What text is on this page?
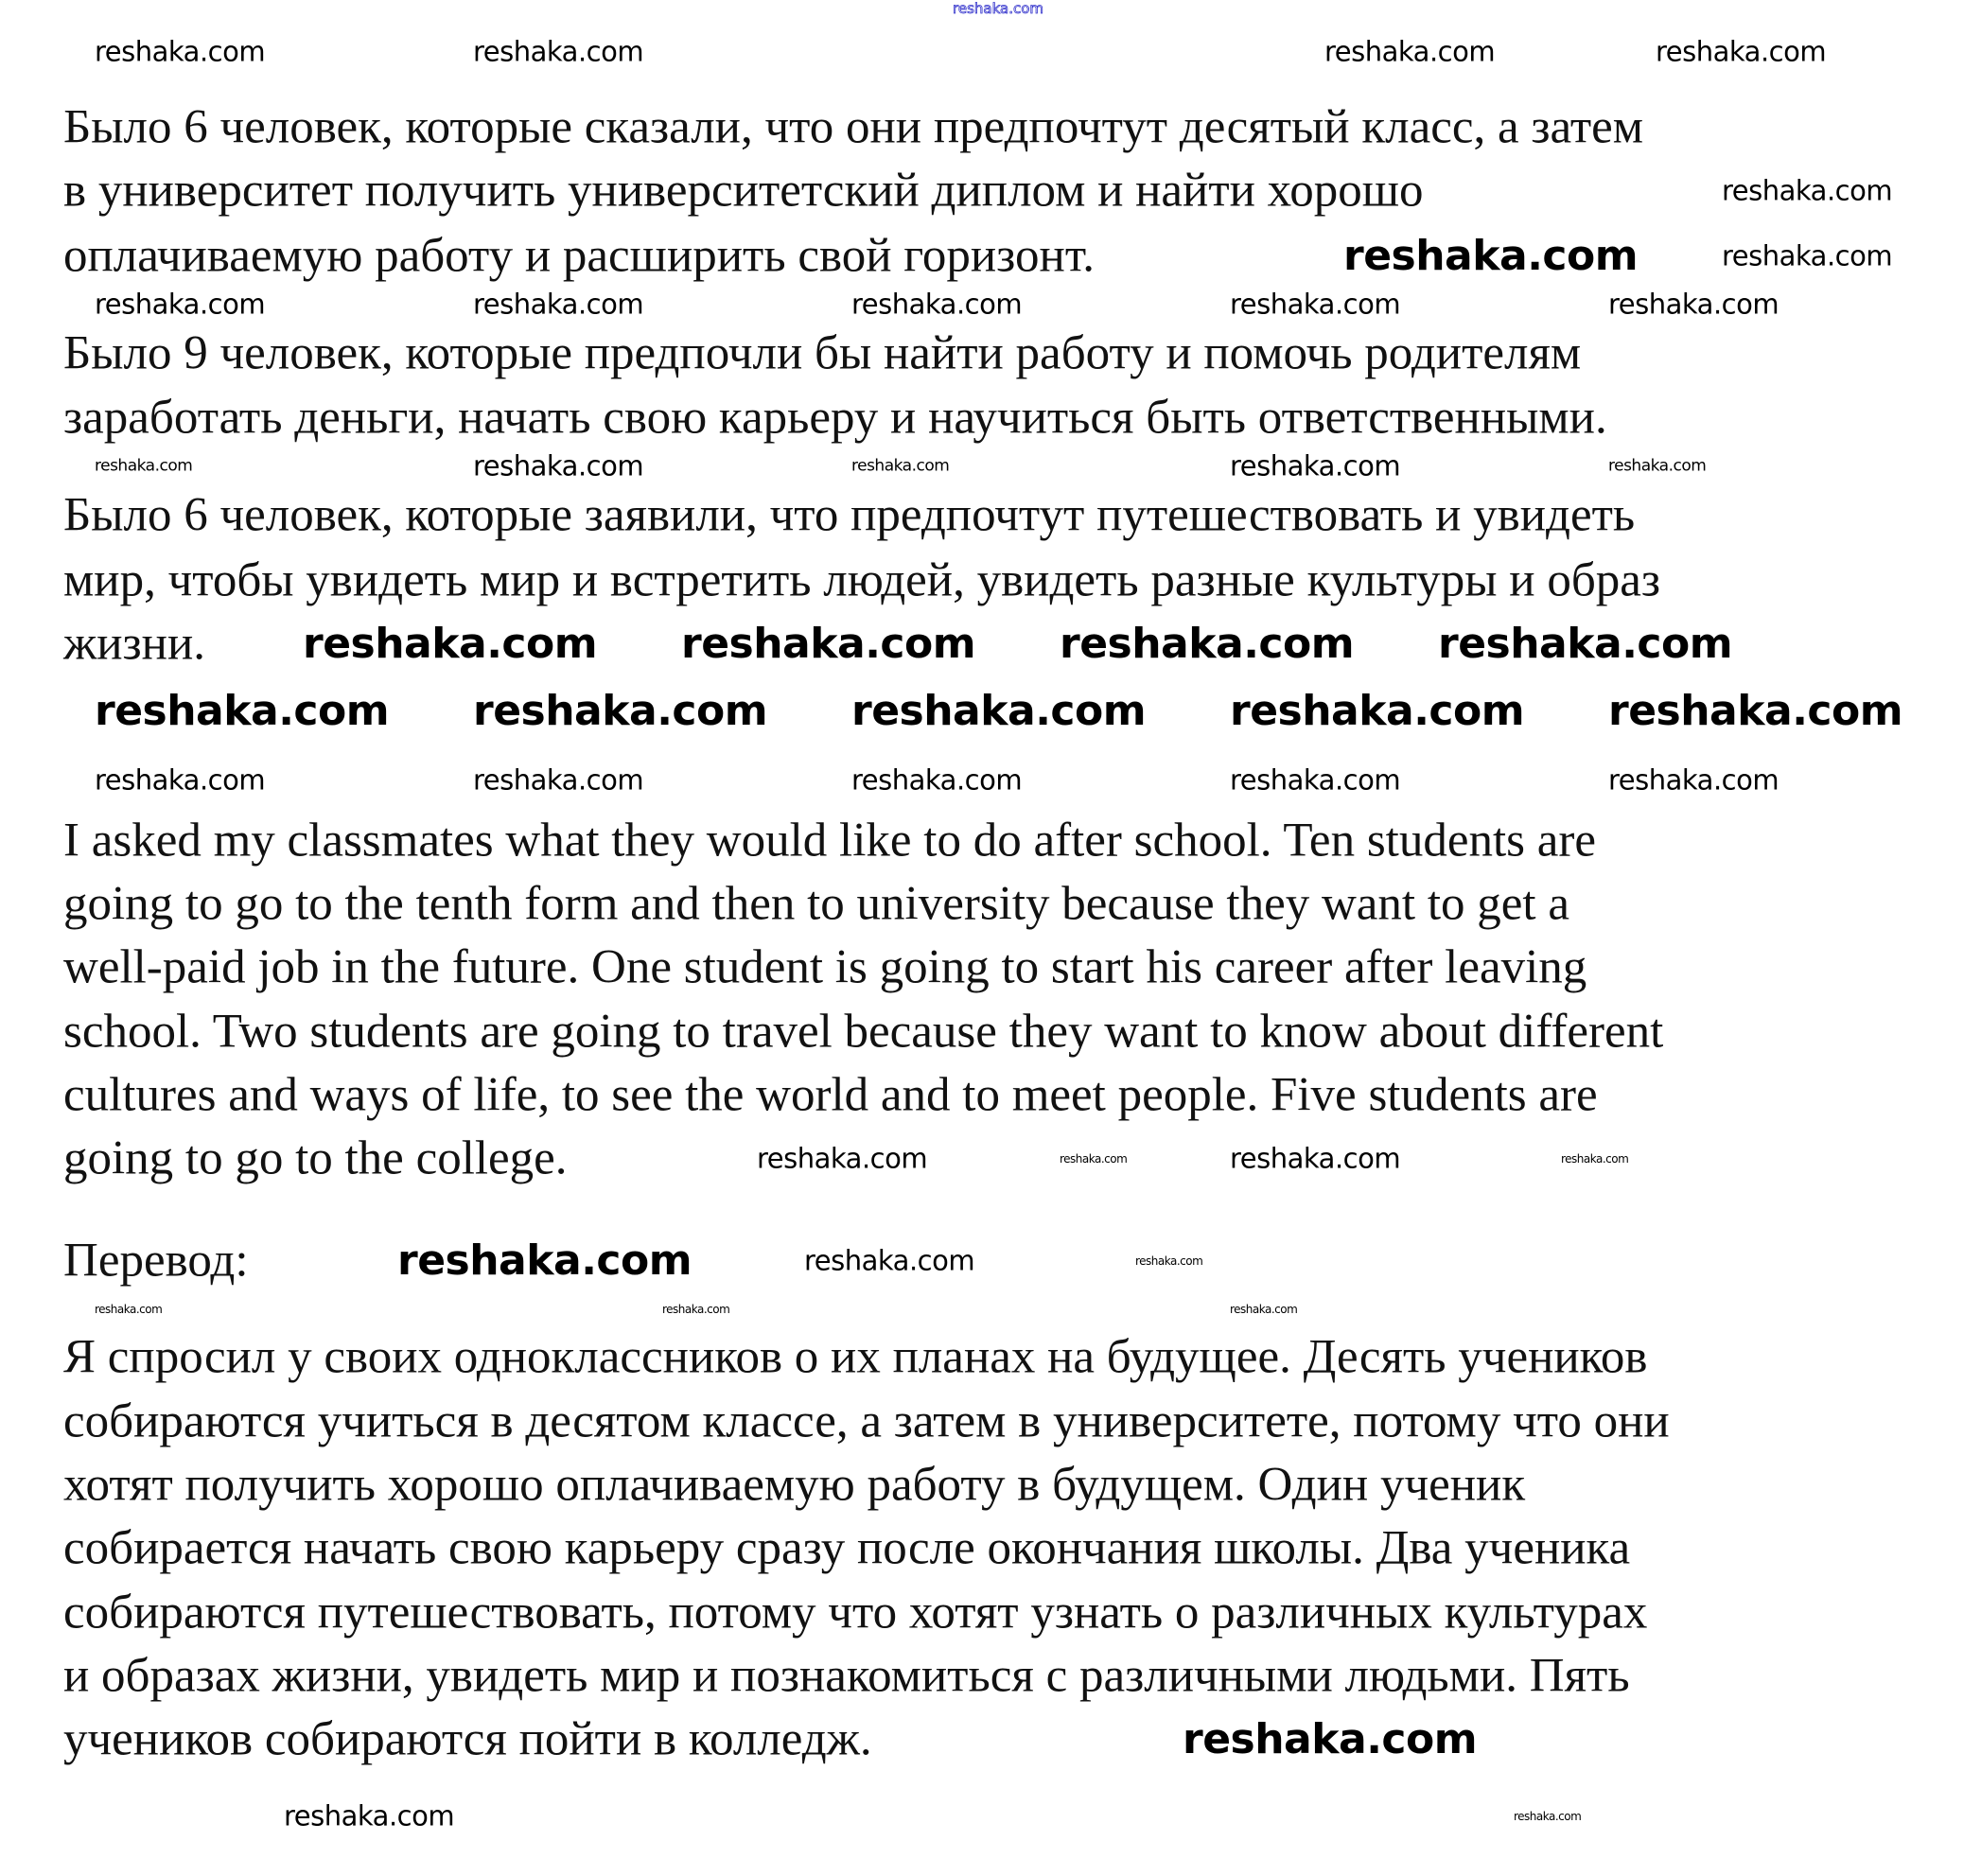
reshaka.com
Было 6 человек, которые сказали, что они предпочтут десятый класс, а затем
в университет получить университетский диплом и найти хорошо
оплачиваемую работу и расширить свой горизонт.
Было 9 человек, которые предпочли бы найти работу и помочь родителям
заработать деньги, начать свою карьеру и научиться быть ответственными.
Было 6 человек, которые заявили, что предпочтут путешествовать и увидеть
мир, чтобы увидеть мир и встретить людей, увидеть разные культуры и образ
жизни.
I asked my classmates what they would like to do after school. Ten students are
going to go to the tenth form and then to university because they want to get a
well-paid job in the future. One student is going to start his career after leaving
school. Two students are going to travel because they want to know about different
cultures and ways of life, to see the world and to meet people. Five students are
going to go to the college.
Перевод:
Я спросил у своих одноклассников о их планах на будущее. Десять учеников
собираются учиться в десятом классе, а затем в университете, потому что они
хотят получить хорошо оплачиваемую работу в будущем. Один ученик
собирается начать свою карьеру сразу после окончания школы. Два ученика
собираются путешествовать, потому что хотят узнать о различных культурах
и образах жизни, увидеть мир и познакомиться с различными людьми. Пять
учеников собираются пойти в колледж.
reshaka.com	reshaka.com	reshaka.com	reshaka.com
reshaka.com
reshaka.com	reshaka.com
reshaka.com	reshaka.com	reshaka.com	reshaka.com	reshaka.com
reshaka.com	reshaka.com	reshaka.com	reshaka.com	reshaka.com
reshaka.com reshaka.com reshaka.com reshaka.com
reshaka.com reshaka.com reshaka.com reshaka.com reshaka.com
reshaka.com	reshaka.com	reshaka.com	reshaka.com	reshaka.com
reshaka.com	reshaka.com	reshaka.com	reshaka.com
reshaka.com	reshaka.com	reshaka.com
reshaka.com	reshaka.com	reshaka.com
reshaka.com
reshaka.com	reshaka.com
